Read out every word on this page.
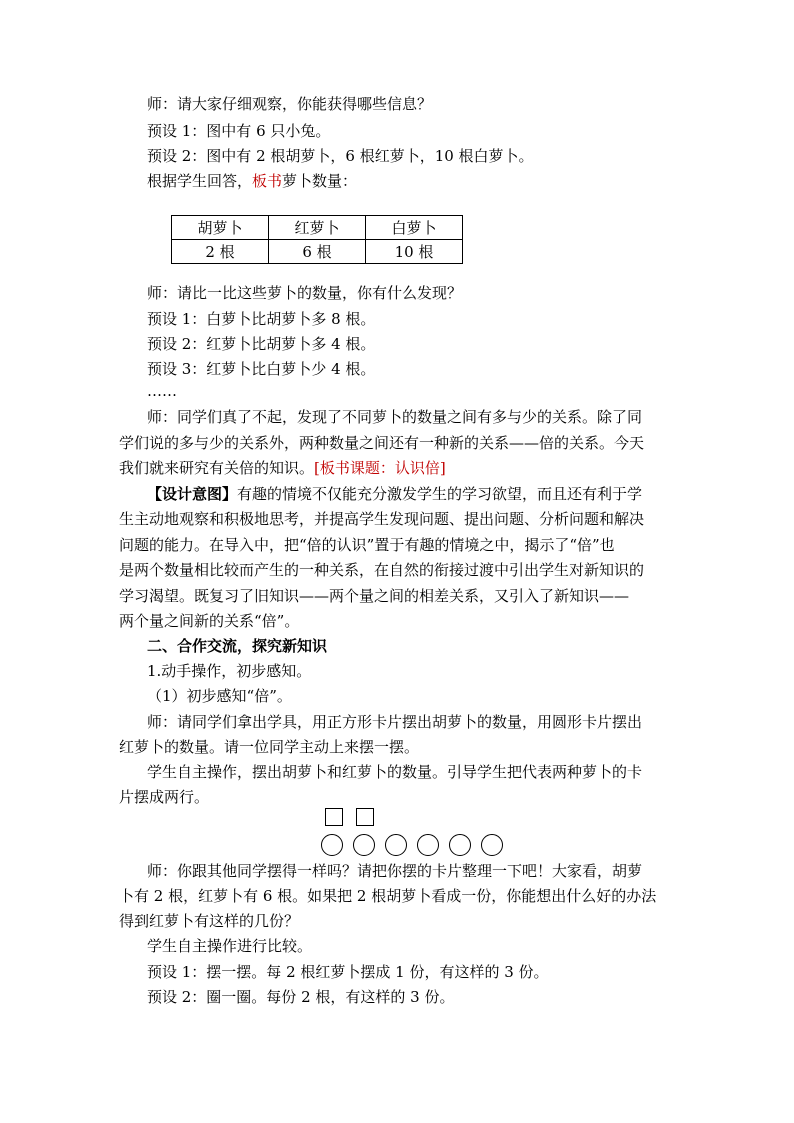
师：请大家仔细观察，你能获得哪些信息？
预设 1：图中有 6 只小兔。
预设 2：图中有 2 根胡萝卜，6 根红萝卜，10 根白萝卜。
根据学生回答，板书萝卜数量：
胡萝卜	红萝卜	白萝卜
2 根	6 根	10 根
师：请比一比这些萝卜的数量，你有什么发现？
预设 1：白萝卜比胡萝卜多 8 根。
预设 2：红萝卜比胡萝卜多 4 根。
预设 3：红萝卜比白萝卜少 4 根。
……
师：同学们真了不起，发现了不同萝卜的数量之间有多与少的关系。除了同
学们说的多与少的关系外，两种数量之间还有一种新的关系——倍的关系。今天
我们就来研究有关倍的知识。[板书课题：认识倍]
【设计意图】有趣的情境不仅能充分激发学生的学习欲望，而且还有利于学
生主动地观察和积极地思考，并提高学生发现问题、提出问题、分析问题和解决
问题的能力。在导入中，把“倍的认识”置于有趣的情境之中，揭示了“倍”也
是两个数量相比较而产生的一种关系，在自然的衔接过渡中引出学生对新知识的
学习渴望。既复习了旧知识——两个量之间的相差关系，又引入了新知识——
两个量之间新的关系“倍”。
二、合作交流，探究新知识
1.动手操作，初步感知。
（1）初步感知“倍”。
师：请同学们拿出学具，用正方形卡片摆出胡萝卜的数量，用圆形卡片摆出
红萝卜的数量。请一位同学主动上来摆一摆。
学生自主操作，摆出胡萝卜和红萝卜的数量。引导学生把代表两种萝卜的卡
片摆成两行。
师：你跟其他同学摆得一样吗？请把你摆的卡片整理一下吧！大家看，胡萝
卜有 2 根，红萝卜有 6 根。如果把 2 根胡萝卜看成一份，你能想出什么好的办法
得到红萝卜有这样的几份？
学生自主操作进行比较。
预设 1：摆一摆。每 2 根红萝卜摆成 1 份，有这样的 3 份。
预设 2：圈一圈。每份 2 根，有这样的 3 份。
